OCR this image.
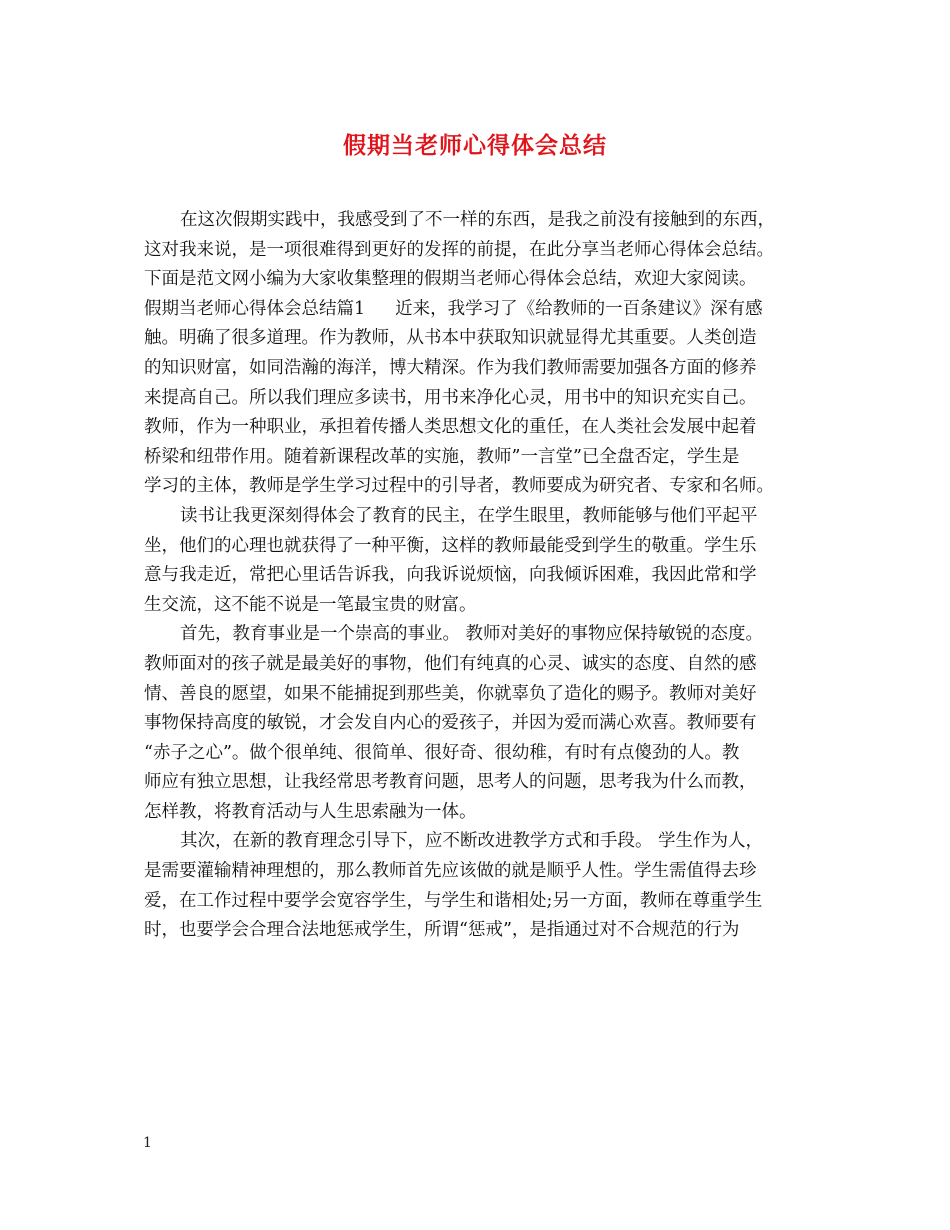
假期当老师心得体会总结
在这次假期实践中，我感受到了不一样的东西，是我之前没有接触到的东西，
这对我来说，是一项很难得到更好的发挥的前提，在此分享当老师心得体会总结。
下面是范文网小编为大家收集整理的假期当老师心得体会总结，欢迎大家阅读。
假期当老师心得体会总结篇1 近来，我学习了《给教师的一百条建议》深有感
触。明确了很多道理。作为教师，从书本中获取知识就显得尤其重要。人类创造
的知识财富，如同浩瀚的海洋，博大精深。作为我们教师需要加强各方面的修养
来提高自己。所以我们理应多读书，用书来净化心灵，用书中的知识充实自己。
教师，作为一种职业，承担着传播人类思想文化的重任，在人类社会发展中起着
桥梁和纽带作用。随着新课程改革的实施，教师”一言堂”已全盘否定，学生是
学习的主体，教师是学生学习过程中的引导者，教师要成为研究者、专家和名师。
读书让我更深刻得体会了教育的民主，在学生眼里，教师能够与他们平起平
坐，他们的心理也就获得了一种平衡，这样的教师最能受到学生的敬重。学生乐
意与我走近，常把心里话告诉我，向我诉说烦恼，向我倾诉困难，我因此常和学
生交流，这不能不说是一笔最宝贵的财富。
首先，教育事业是一个崇高的事业。 教师对美好的事物应保持敏锐的态度。
教师面对的孩子就是最美好的事物，他们有纯真的心灵、诚实的态度、自然的感
情、善良的愿望，如果不能捕捉到那些美，你就辜负了造化的赐予。教师对美好
事物保持高度的敏锐，才会发自内心的爱孩子，并因为爱而满心欢喜。教师要有
“赤子之心”。做个很单纯、很简单、很好奇、很幼稚，有时有点傻劲的人。教
师应有独立思想，让我经常思考教育问题，思考人的问题，思考我为什么而教，
怎样教，将教育活动与人生思索融为一体。
其次，在新的教育理念引导下，应不断改进教学方式和手段。 学生作为人，
是需要灌输精神理想的，那么教师首先应该做的就是顺乎人性。学生需值得去珍
爱，在工作过程中要学会宽容学生，与学生和谐相处;另一方面，教师在尊重学生
时，也要学会合理合法地惩戒学生，所谓“惩戒”，是指通过对不合规范的行为
1
